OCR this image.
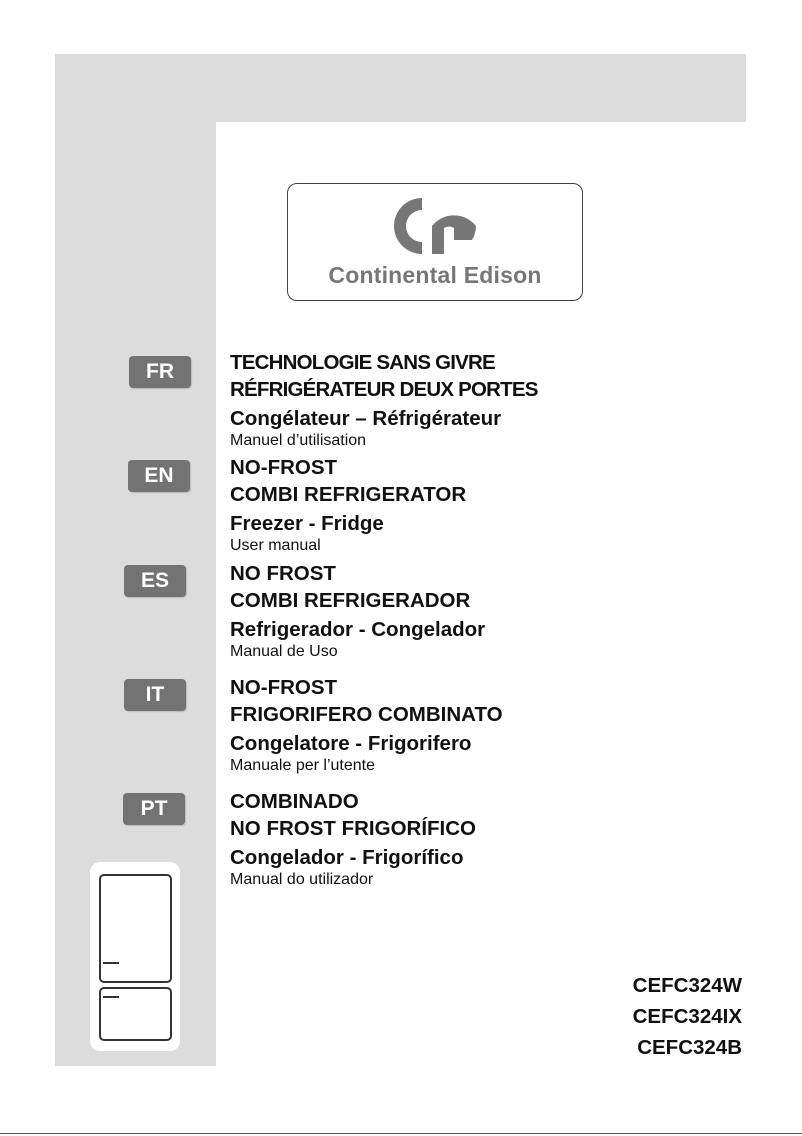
Continental Edison
FR	TECHNOLOGIE SANS GIVRE
RÉFRIGÉRATEUR DEUX PORTES
Congélateur – Réfrigérateur
Manuel d’utilisation
EN	NO-FROST
COMBI REFRIGERATOR
Freezer - Fridge
User manual
ES	NO FROST
COMBI REFRIGERADOR
Refrigerador - Congelador
Manual de Uso
IT	NO-FROST
FRIGORIFERO COMBINATO
Congelatore - Frigorifero
Manuale per l’utente
PT	COMBINADO
NO FROST FRIGORÍFICO
Congelador - Frigorífico
Manual do utilizador
CEFC324W
CEFC324IX
CEFC324B
